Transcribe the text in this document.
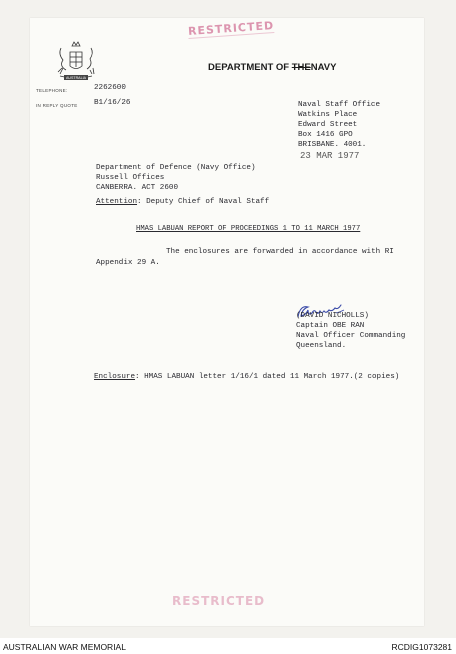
RESTRICTED
AUSTRALIA
DEPARTMENT OF THENAVY
TELEPHONE:	2262600
IN REPLY QUOTE B1/16/26	Naval Staff Office
Watkins Place
Edward Street
Box 1416 GPO
BRISBANE. 4001.
23 MAR 1977
Department of Defence (Navy Office)
Russell Offices
CANBERRA. ACT 2600
Attention: Deputy Chief of Naval Staff
HMAS LABUAN REPORT OF PROCEEDINGS 1 TO 11 MARCH 1977
The enclosures are forwarded in accordance with RI
Appendix 29 A.
(DAVID NICHOLLS)
Captain OBE RAN
Naval Officer Commanding
Queensland.
Enclosure: HMAS LABUAN letter 1/16/1 dated 11 March 1977.(2 copies)
RESTRICTED
AUSTRALIAN WAR MEMORIAL	RCDIG1073281
